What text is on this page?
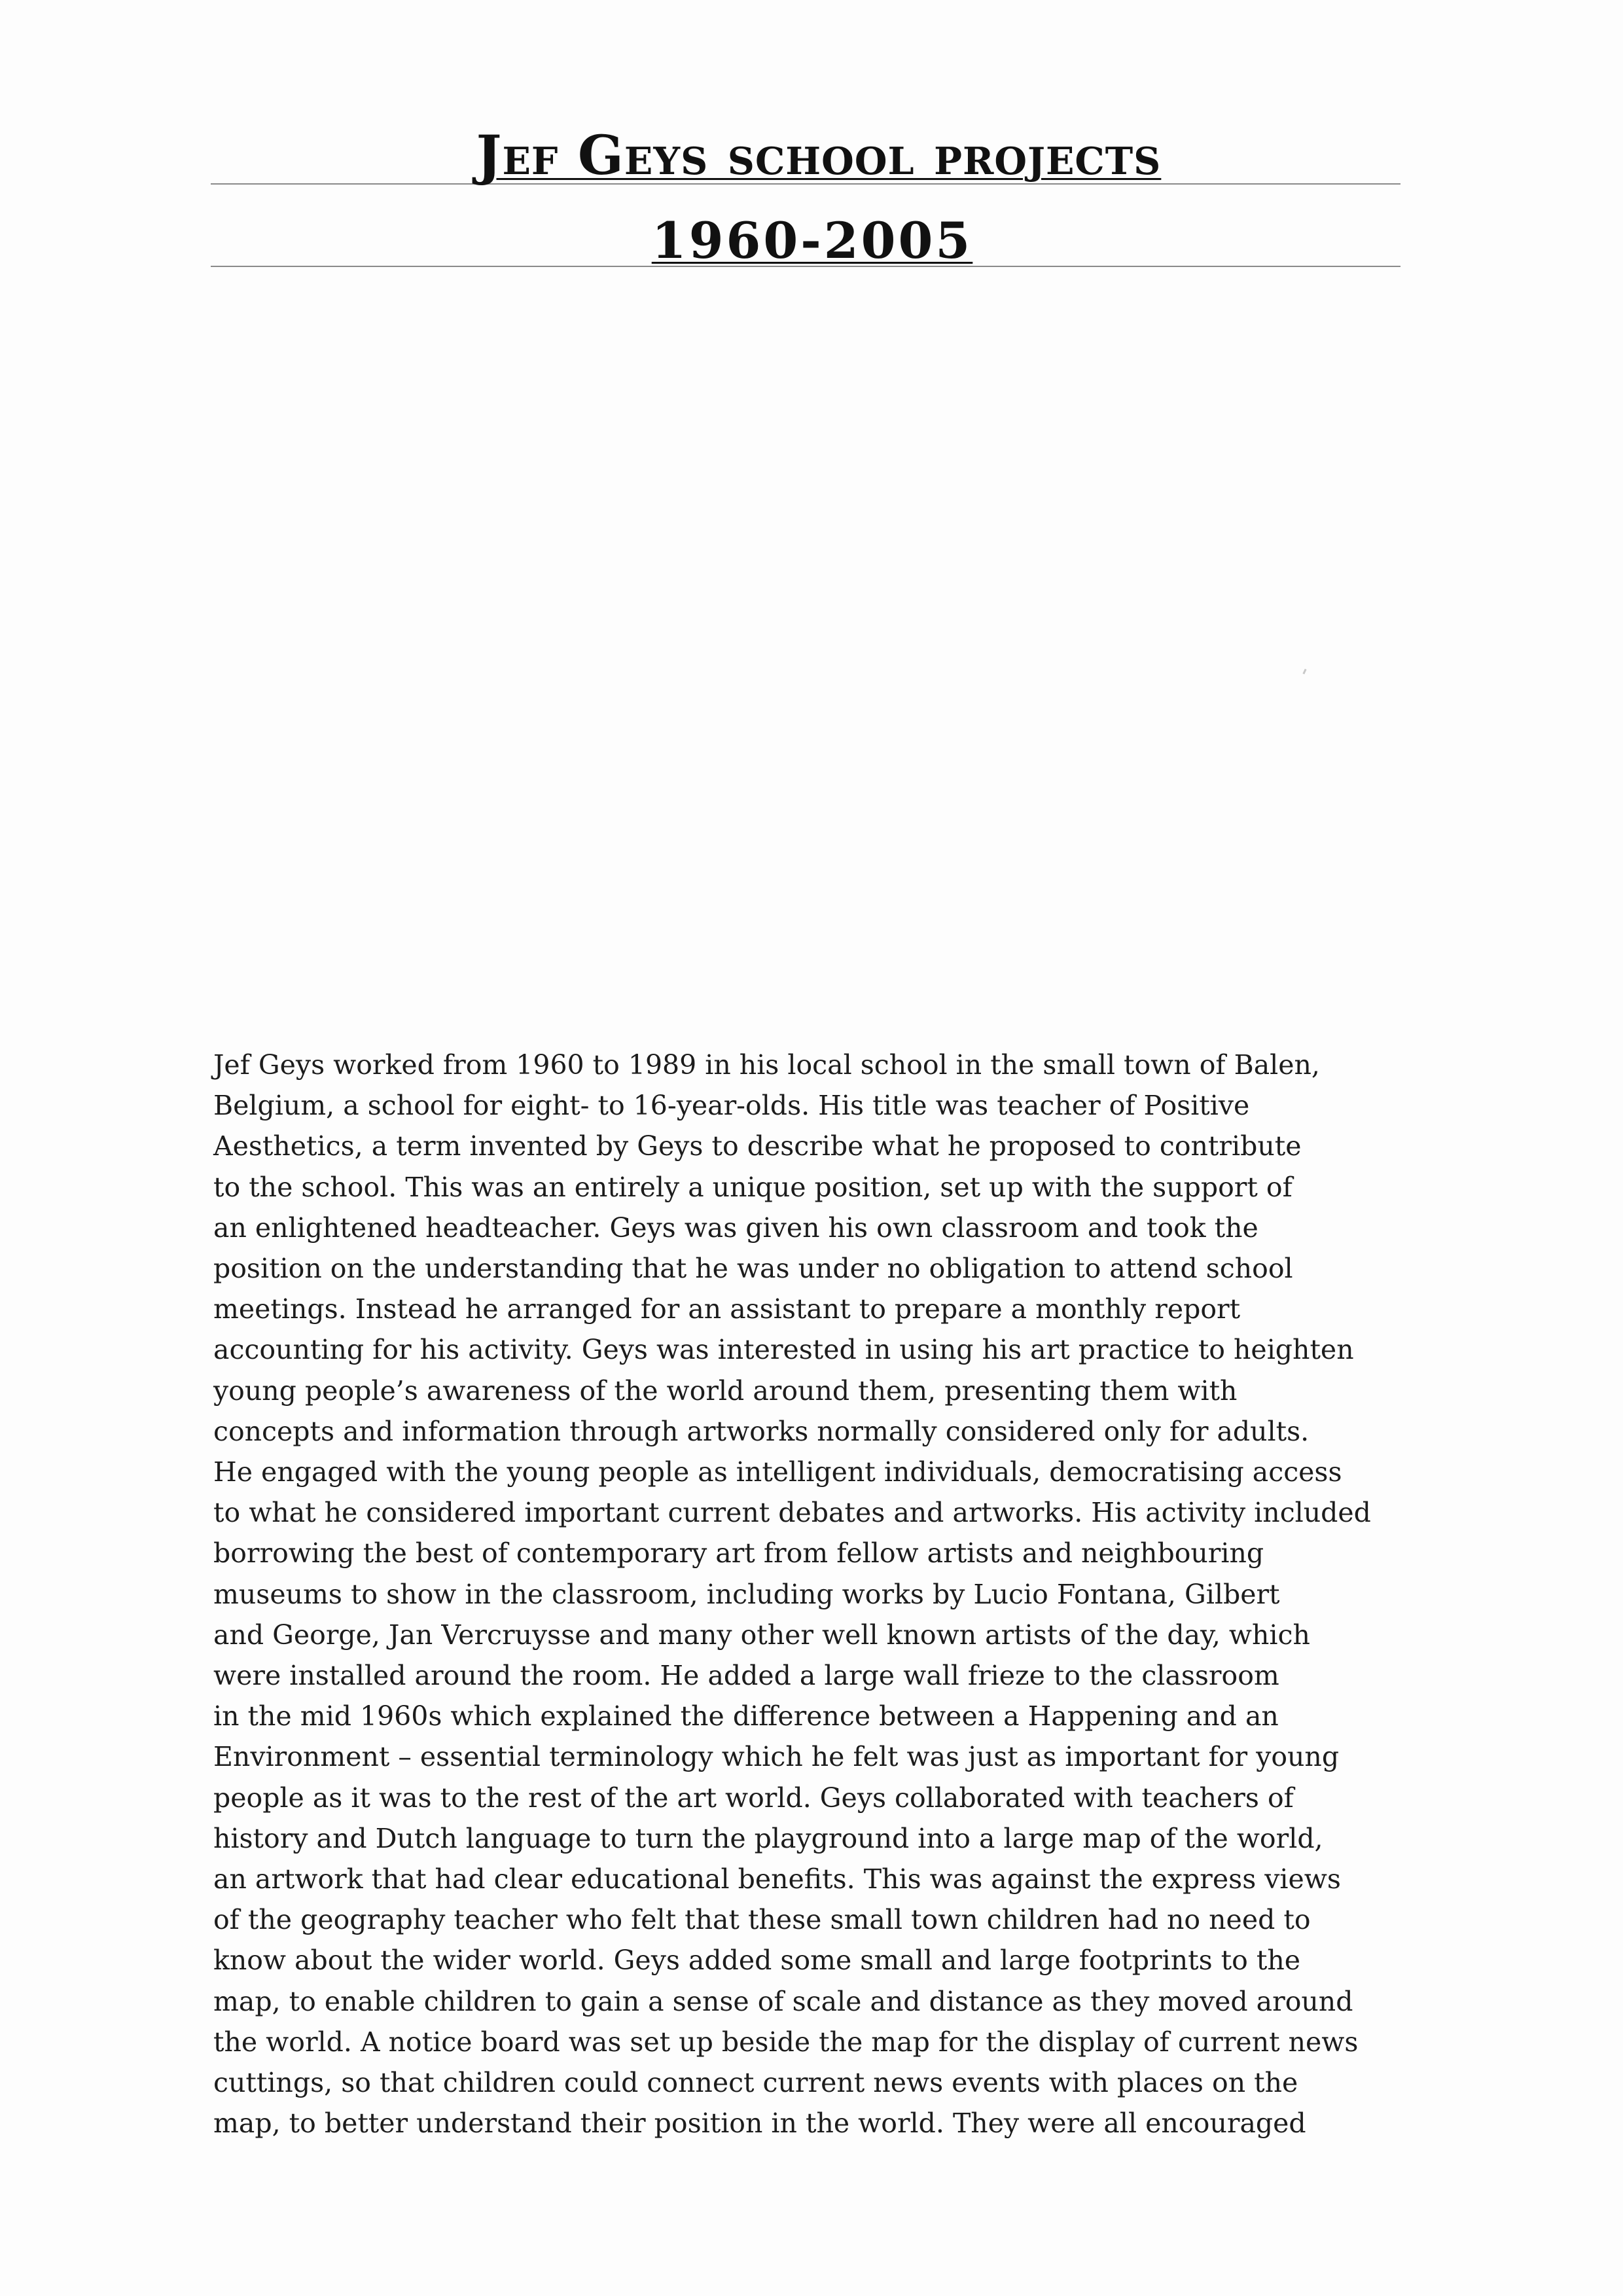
Jef Geys school projects
1960-2005

Jef Geys worked from 1960 to 1989 in his local school in the small town of Balen,
Belgium, a school for eight- to 16-year-olds. His title was teacher of Positive
Aesthetics, a term invented by Geys to describe what he proposed to contribute
to the school. This was an entirely a unique position, set up with the support of
an enlightened headteacher. Geys was given his own classroom and took the
position on the understanding that he was under no obligation to attend school
meetings. Instead he arranged for an assistant to prepare a monthly report
accounting for his activity. Geys was interested in using his art practice to heighten
young people’s awareness of the world around them, presenting them with
concepts and information through artworks normally considered only for adults.
He engaged with the young people as intelligent individuals, democratising access
to what he considered important current debates and artworks. His activity included
borrowing the best of contemporary art from fellow artists and neighbouring
museums to show in the classroom, including works by Lucio Fontana, Gilbert
and George, Jan Vercruysse and many other well known artists of the day, which
were installed around the room. He added a large wall frieze to the classroom
in the mid 1960s which explained the difference between a Happening and an
Environment – essential terminology which he felt was just as important for young
people as it was to the rest of the art world. Geys collaborated with teachers of
history and Dutch language to turn the playground into a large map of the world,
an artwork that had clear educational benefits. This was against the express views
of the geography teacher who felt that these small town children had no need to
know about the wider world. Geys added some small and large footprints to the
map, to enable children to gain a sense of scale and distance as they moved around
the world. A notice board was set up beside the map for the display of current news
cuttings, so that children could connect current news events with places on the
map, to better understand their position in the world. They were all encouraged
